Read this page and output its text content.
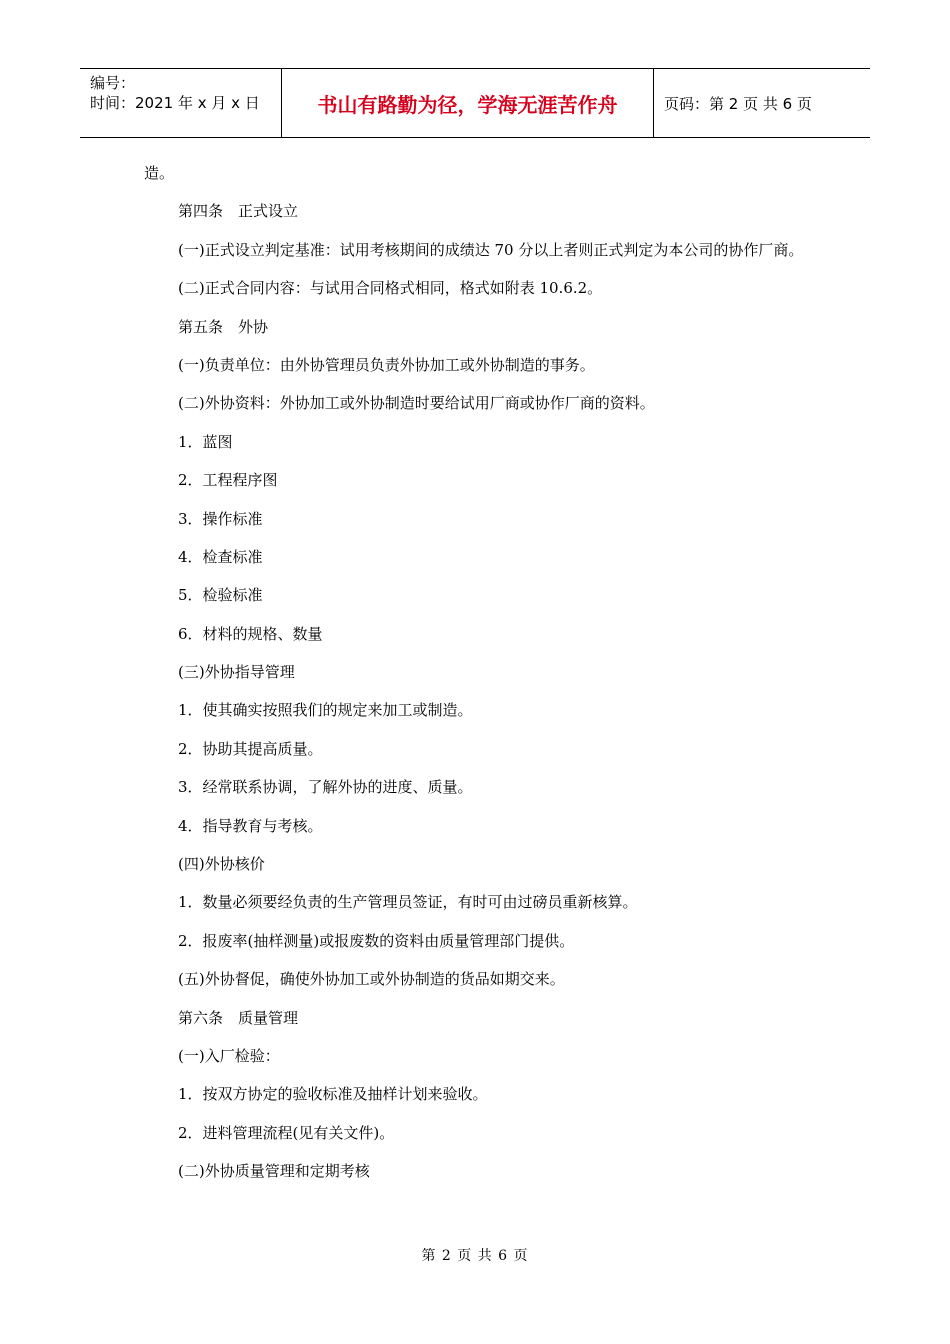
编号：
时间：2021 年 x 月 x 日	书山有路勤为径，学海无涯苦作舟	页码：第 2 页 共 6 页

造。

第四条　正式设立

(一)正式设立判定基准：试用考核期间的成绩达 70 分以上者则正式判定为本公司的协作厂商。

(二)正式合同内容：与试用合同格式相同，格式如附表 10.6.2。

第五条　外协

(一)负责单位：由外协管理员负责外协加工或外协制造的事务。

(二)外协资料：外协加工或外协制造时要给试用厂商或协作厂商的资料。

1．蓝图

2．工程程序图

3．操作标准

4．检查标准

5．检验标准

6．材料的规格、数量

(三)外协指导管理

1．使其确实按照我们的规定来加工或制造。

2．协助其提高质量。

3．经常联系协调，了解外协的进度、质量。

4．指导教育与考核。

(四)外协核价

1．数量必须要经负责的生产管理员签证，有时可由过磅员重新核算。

2．报废率(抽样测量)或报废数的资料由质量管理部门提供。

(五)外协督促，确使外协加工或外协制造的货品如期交来。

第六条　质量管理

(一)入厂检验：

1．按双方协定的验收标准及抽样计划来验收。

2．进料管理流程(见有关文件)。

(二)外协质量管理和定期考核

第 2 页 共 6 页
